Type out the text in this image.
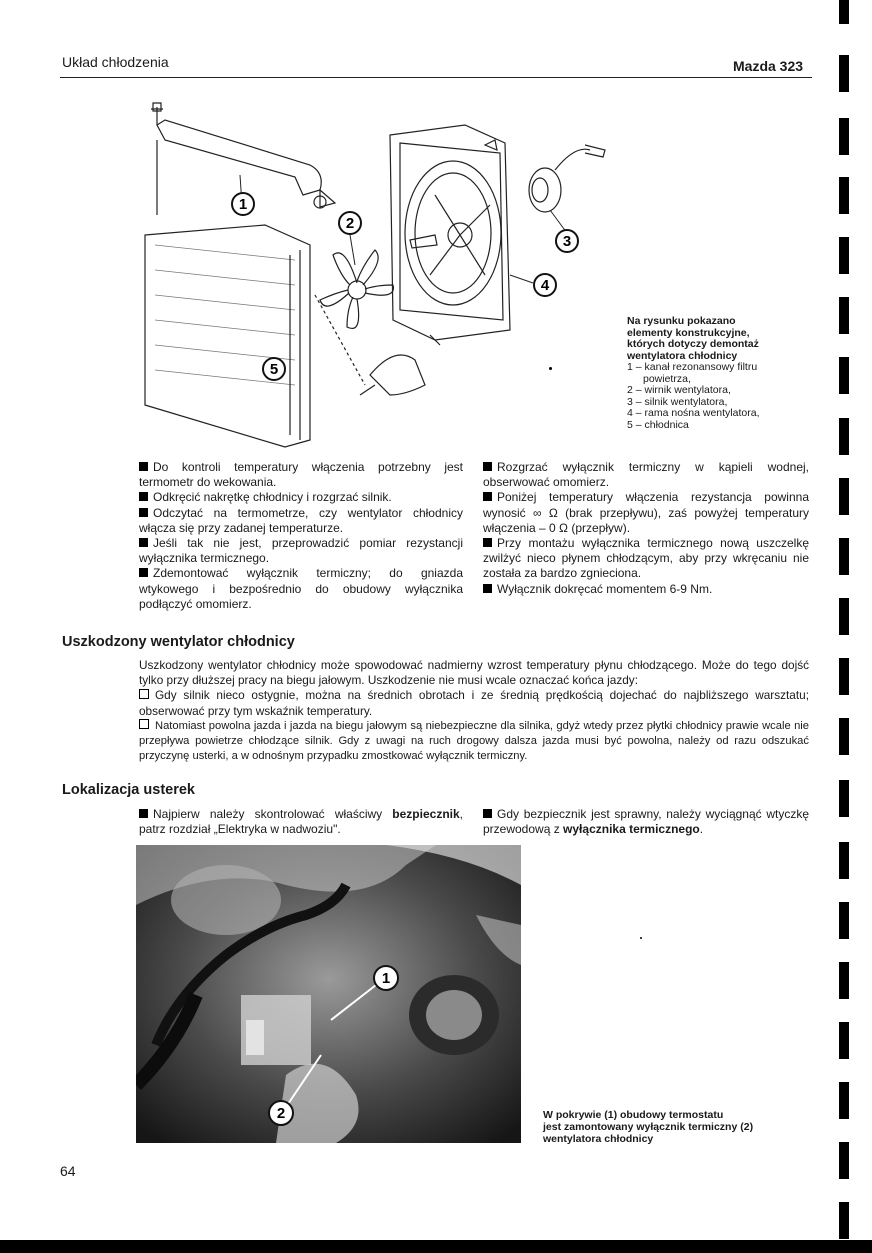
Układ chłodzenia	Mazda 323
1
2
3
4
5
Na rysunku pokazano
elementy konstrukcyjne,
których dotyczy demontaż
wentylatora chłodnicy
1 – kanał rezonansowy filtru
powietrza,
2 – wirnik wentylatora,
3 – silnik wentylatora,
4 – rama nośna wentylatora,
5 – chłodnica

Do kontroli temperatury włączenia potrzebny jest termometr do wekowania.

Odkręcić nakrętkę chłodnicy i rozgrzać silnik.

Odczytać na termometrze, czy wentylator chłodnicy włącza się przy zadanej temperaturze.

Jeśli tak nie jest, przeprowadzić pomiar rezystancji wyłącznika termicznego.

Zdemontować wyłącznik termiczny; do gniazda wtykowego i bezpośrednio do obudowy wyłącznika podłączyć omomierz.

Rozgrzać wyłącznik termiczny w kąpieli wodnej, obserwować omomierz.

Poniżej temperatury włączenia rezystancja powinna wynosić ∞ Ω (brak przepływu), zaś powyżej temperatury włączenia – 0 Ω (przepływ).

Przy montażu wyłącznika termicznego nową uszczelkę zwilżyć nieco płynem chłodzącym, aby przy wkręcaniu nie została za bardzo zgnieciona.

Wyłącznik dokręcać momentem 6-9 Nm.

Uszkodzony wentylator chłodnicy

Uszkodzony wentylator chłodnicy może spowodować nadmierny wzrost temperatury płynu chłodzącego. Może do tego dojść tylko przy dłuższej pracy na biegu jałowym. Uszkodzenie nie musi wcale oznaczać końca jazdy:

Gdy silnik nieco ostygnie, można na średnich obrotach i ze średnią prędkością dojechać do najbliższego warsztatu; obserwować przy tym wskaźnik temperatury.

Natomiast powolna jazda i jazda na biegu jałowym są niebezpieczne dla silnika, gdyż wtedy przez płytki chłodnicy prawie wcale nie przepływa powietrze chłodzące silnik. Gdy z uwagi na ruch drogowy dalsza jazda musi być powolna, należy od razu odszukać przyczynę usterki, a w odnośnym przypadku zmostkować wyłącznik termiczny.

Lokalizacja usterek

Najpierw należy skontrolować właściwy bezpiecznik, patrz rozdział „Elektryka w nadwoziu".

Gdy bezpiecznik jest sprawny, należy wyciągnąć wtyczkę przewodową z wyłącznika termicznego.

1
2	W pokrywie (1) obudowy termostatu
jest zamontowany wyłącznik termiczny (2)
wentylatora chłodnicy
64
